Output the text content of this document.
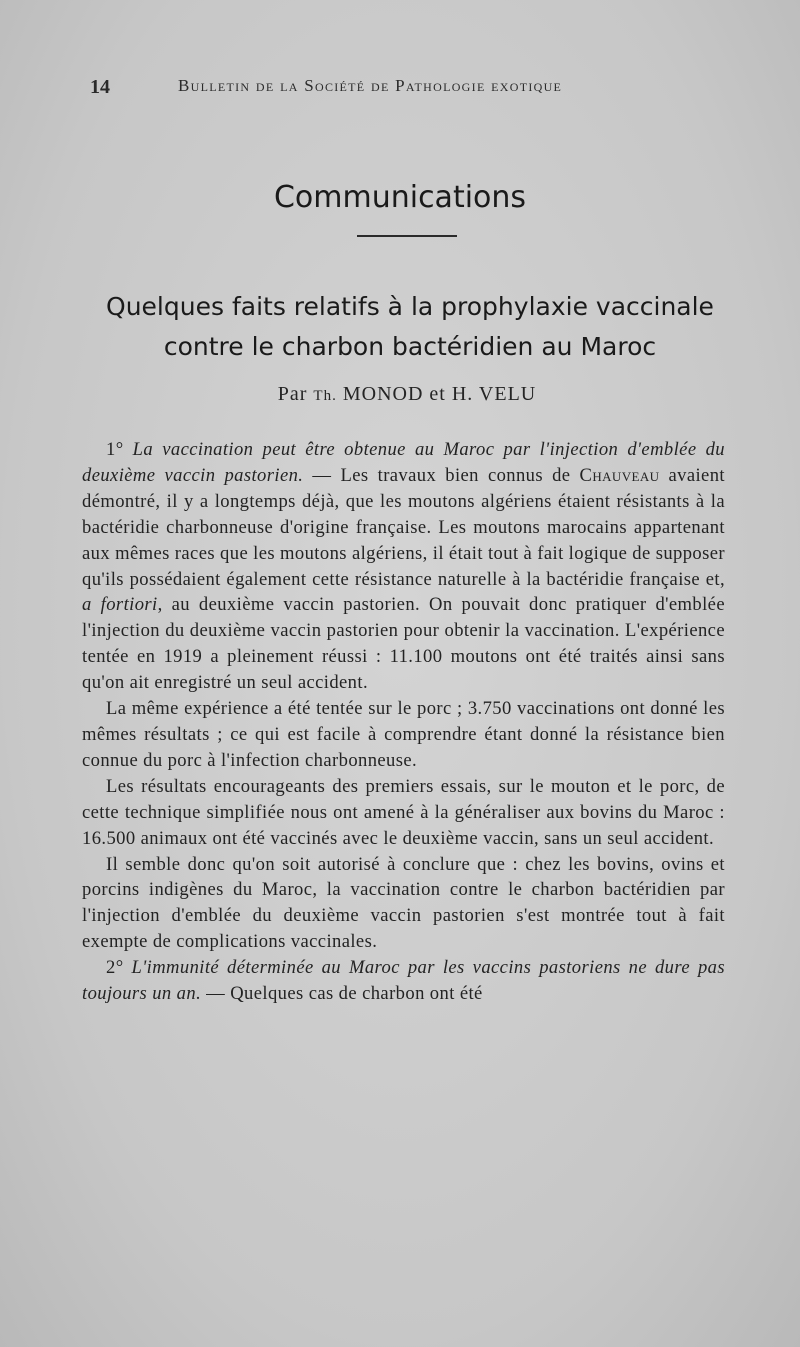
14	Bulletin de la Société de Pathologie exotique
Communications
Quelques faits relatifs à la prophylaxie vaccinale
contre le charbon bactéridien au Maroc
Par Th. MONOD et H. VELU

1° La vaccination peut être obtenue au Maroc par l'injection d'emblée du deuxième vaccin pastorien. — Les travaux bien connus de Chauveau avaient démontré, il y a longtemps déjà, que les moutons algériens étaient résistants à la bactéridie charbonneuse d'origine française. Les moutons marocains appartenant aux mêmes races que les moutons algériens, il était tout à fait logique de supposer qu'ils possédaient également cette résistance naturelle à la bactéridie française et, a fortiori, au deuxième vaccin pastorien. On pouvait donc pratiquer d'emblée l'injection du deuxième vaccin pastorien pour obtenir la vaccination. L'expérience tentée en 1919 a pleinement réussi : 11.100 moutons ont été traités ainsi sans qu'on ait enregistré un seul accident.

La même expérience a été tentée sur le porc ; 3.750 vaccinations ont donné les mêmes résultats ; ce qui est facile à comprendre étant donné la résistance bien connue du porc à l'infection charbonneuse.

Les résultats encourageants des premiers essais, sur le mouton et le porc, de cette technique simplifiée nous ont amené à la généraliser aux bovins du Maroc : 16.500 animaux ont été vaccinés avec le deuxième vaccin, sans un seul accident.

Il semble donc qu'on soit autorisé à conclure que : chez les bovins, ovins et porcins indigènes du Maroc, la vaccination contre le charbon bactéridien par l'injection d'emblée du deuxième vaccin pastorien s'est montrée tout à fait exempte de complications vaccinales.

2° L'immunité déterminée au Maroc par les vaccins pastoriens ne dure pas toujours un an. — Quelques cas de charbon ont été
